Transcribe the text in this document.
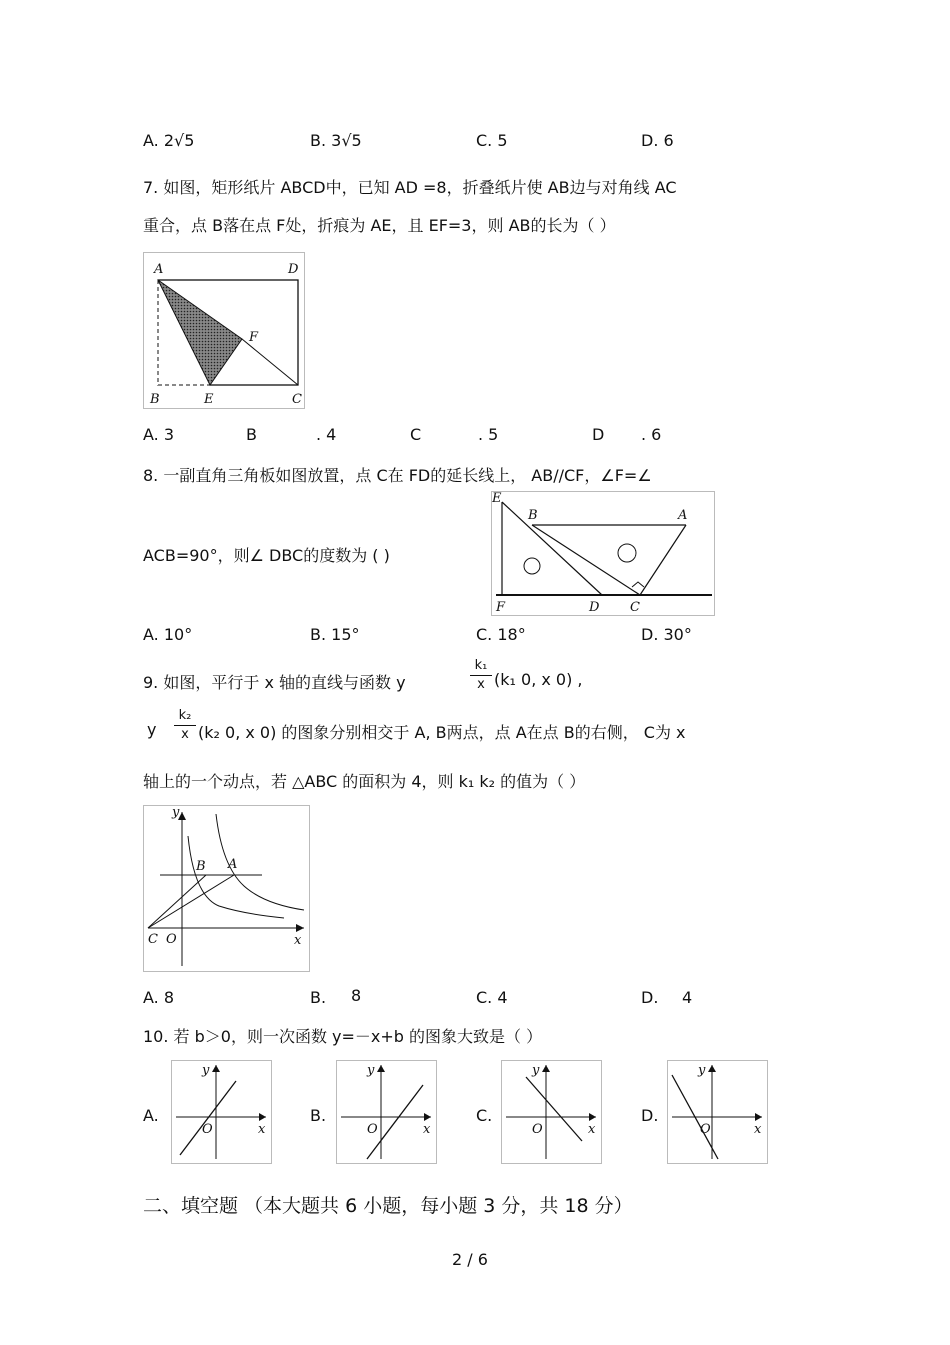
A. 2√5	B. 3√5	C. 5	D. 6
7. 如图，矩形纸片 ABCD中，已知 AD =8，折叠纸片使 AB边与对角线 AC
重合，点 B落在点 F处，折痕为 AE，且 EF=3，则 AB的长为（ ）
A	D
F
B	E	C
A. 3	B	. 4	C	. 5	D . 6
8. 一副直角三角板如图放置，点 C在 FD的延长线上， AB//CF，∠F=∠
ACB=90°，则∠ DBC的度数为 ( )
E
B	A
F	D C
A. 10°	B. 15°	C. 18°	D. 30°
9. 如图，平行于 x 轴的直线与函数 y
k₁
x (k₁ 0, x 0) ,
y
k₂
x (k₂ 0, x 0) 的图象分别相交于 A, B两点，点 A在点 B的右侧， C为 x
轴上的一个动点，若 △ABC 的面积为 4，则 k₁ k₂ 的值为（ ）
y
B A
C O	x
A. 8	B. 8	C. 4	D. 4
10. 若 b＞0，则一次函数 y=－x+b 的图象大致是（ ）
A.
y
x
O
B.
y
x
O
C.
y
x
O
D.
y
x
O
二、填空题 （本大题共 6 小题，每小题 3 分，共 18 分）
2 / 6
